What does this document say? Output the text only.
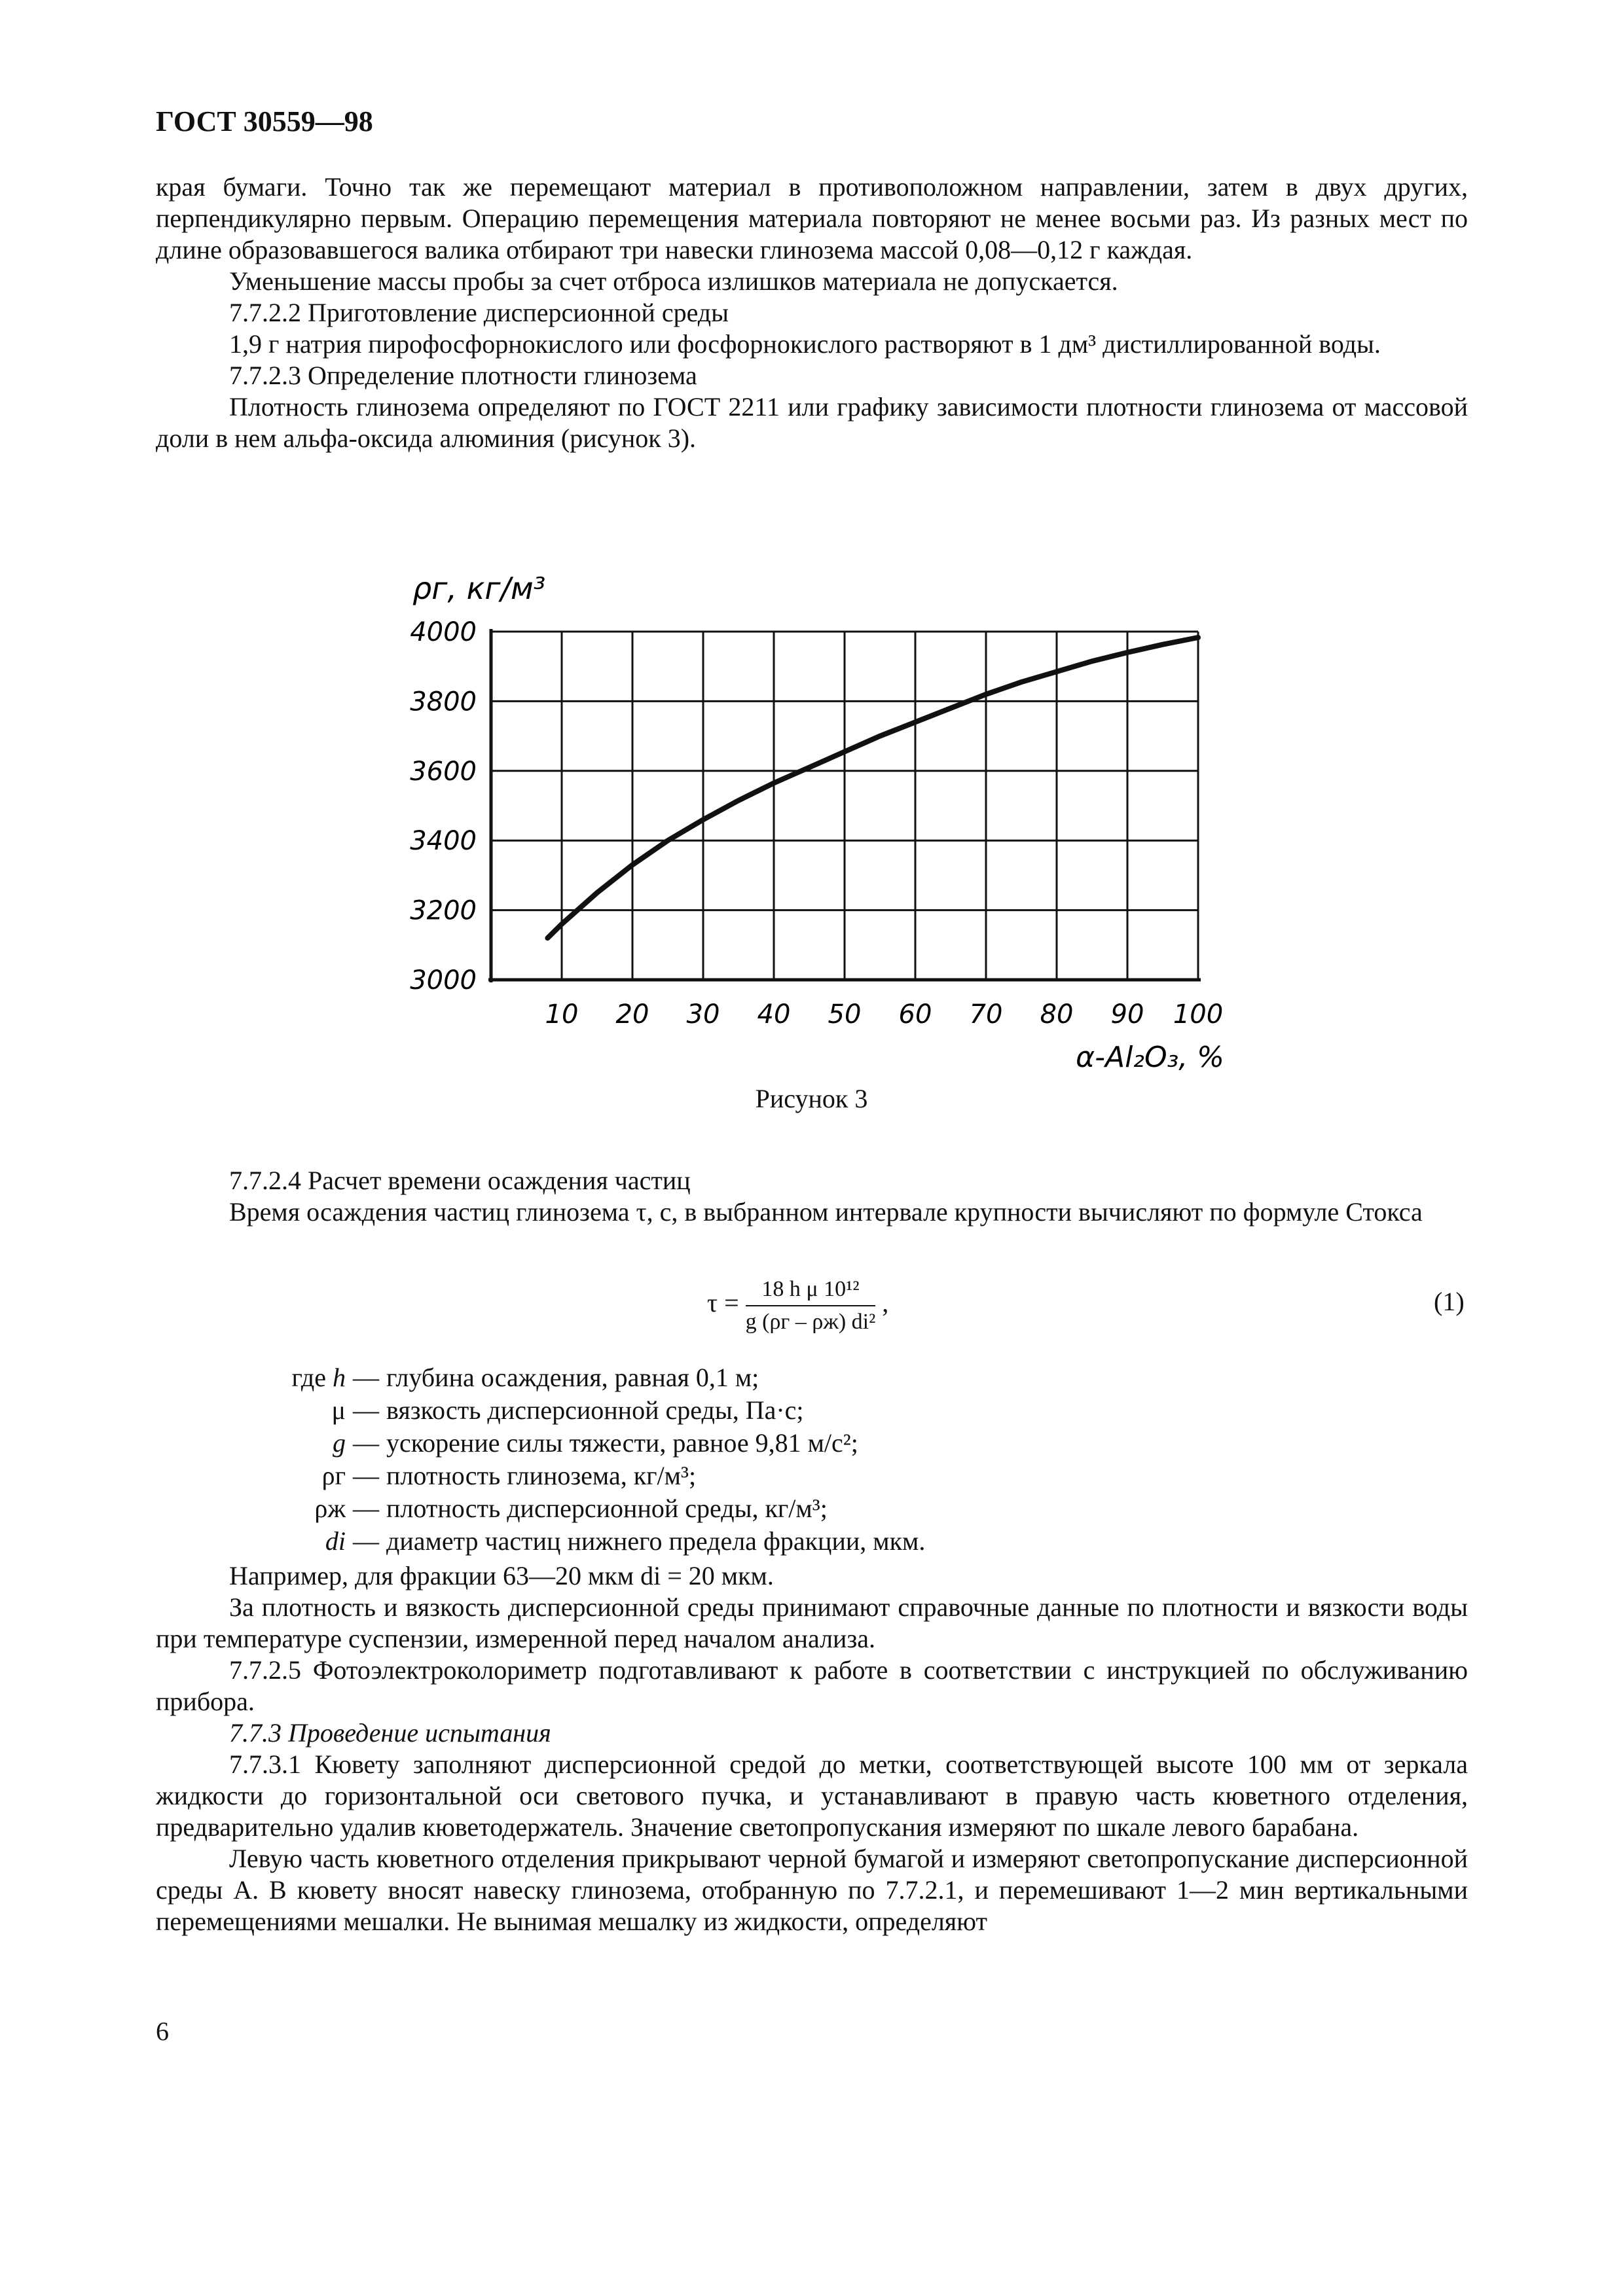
ГОСТ 30559—98

края бумаги. Точно так же перемещают материал в противоположном направлении, затем в двух других, перпендикулярно первым. Операцию перемещения материала повторяют не менее восьми раз. Из разных мест по длине образовавшегося валика отбирают три навески глинозема массой 0,08—0,12 г каждая.

Уменьшение массы пробы за счет отброса излишков материала не допускается.

7.7.2.2 Приготовление дисперсионной среды

1,9 г натрия пирофосфорнокислого или фосфорнокислого растворяют в 1 дм³ дистиллированной воды.

7.7.2.3 Определение плотности глинозема

Плотность глинозема определяют по ГОСТ 2211 или графику зависимости плотности глинозема от массовой доли в нем альфа-оксида алюминия (рисунок 3).

4000
3800
3600
3400
3200
3000
10 20 30 40 50 60 70 80 90 100
ρг, кг/м³
α-Al₂O₃, %
Рисунок 3

7.7.2.4 Расчет времени осаждения частиц

Время осаждения частиц глинозема τ, с, в выбранном интервале крупности вычисляют по формуле Стокса

$\tau = \frac{\text{18 h μ 10¹²}}{\text{g (ρг – ρж) di²}}$ ,	(1)
где h — глубина осаждения, равная 0,1 м;
μ — вязкость дисперсионной среды, Па·с;
g — ускорение силы тяжести, равное 9,81 м/с²;
ρг — плотность глинозема, кг/м³;
ρж — плотность дисперсионной среды, кг/м³;
di — диаметр частиц нижнего предела фракции, мкм.

Например, для фракции 63—20 мкм di = 20 мкм.

За плотность и вязкость дисперсионной среды принимают справочные данные по плотности и вязкости воды при температуре суспензии, измеренной перед началом анализа.

7.7.2.5 Фотоэлектроколориметр подготавливают к работе в соответствии с инструкцией по обслуживанию прибора.

7.7.3 Проведение испытания

7.7.3.1 Кювету заполняют дисперсионной средой до метки, соответствующей высоте 100 мм от зеркала жидкости до горизонтальной оси светового пучка, и устанавливают в правую часть кюветного отделения, предварительно удалив кюветодержатель. Значение светопропускания измеряют по шкале левого барабана.

Левую часть кюветного отделения прикрывают черной бумагой и измеряют светопропускание дисперсионной среды A. В кювету вносят навеску глинозема, отобранную по 7.7.2.1, и перемешивают 1—2 мин вертикальными перемещениями мешалки. Не вынимая мешалку из жидкости, определяют

6
